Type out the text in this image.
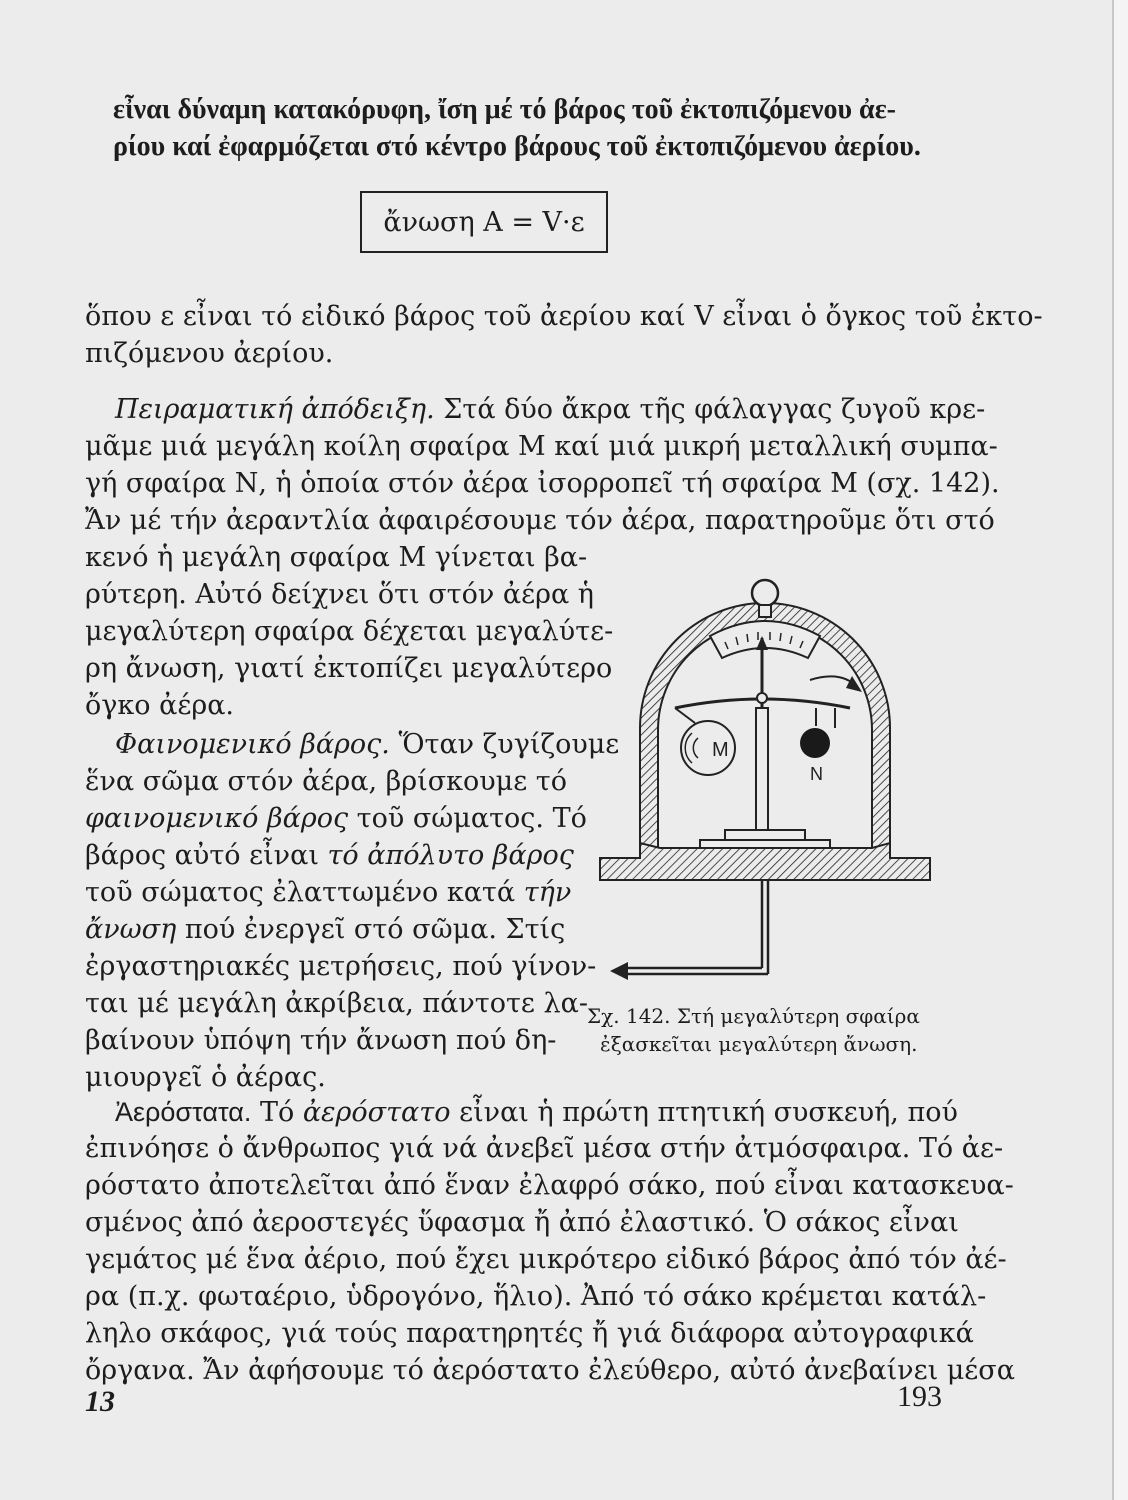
εἶναι δύναμη κατακόρυφη, ἴση μέ τό βάρος τοῦ ἐκτοπιζόμενου ἀε-
ρίου καί ἐφαρμόζεται στό κέντρο βάρους τοῦ ἐκτοπιζόμενου ἀερίου.
ἄνωση Α = V·ε
ὅπου ε εἶναι τό εἰδικό βάρος τοῦ ἀερίου καί V εἶναι ὁ ὄγκος τοῦ ἐκτο-
πιζόμενου ἀερίου.
Πειραματική ἀπόδειξη. Στά δύο ἄκρα τῆς φάλαγγας ζυγοῦ κρε-
μᾶμε μιά μεγάλη κοίλη σφαίρα Μ καί μιά μικρή μεταλλική συμπα-
γή σφαίρα Ν, ἡ ὁποία στόν ἀέρα ἰσορροπεῖ τή σφαίρα Μ (σχ. 142).
Ἄν μέ τήν ἀεραντλία ἀφαιρέσουμε τόν ἀέρα, παρατηροῦμε ὅτι στό
κενό ἡ μεγάλη σφαίρα Μ γίνεται βα-
ρύτερη. Αὐτό δείχνει ὅτι στόν ἀέρα ἡ
μεγαλύτερη σφαίρα δέχεται μεγαλύτε-
ρη ἄνωση, γιατί ἐκτοπίζει μεγαλύτερο
ὄγκο ἀέρα.
Φαινομενικό βάρος. Ὅταν ζυγίζουμε
ἕνα σῶμα στόν ἀέρα, βρίσκουμε τό
φαινομενικό βάρος τοῦ σώματος. Τό
βάρος αὐτό εἶναι τό ἀπόλυτο βάρος
τοῦ σώματος ἐλαττωμένο κατά τήν
ἄνωση πού ἐνεργεῖ στό σῶμα. Στίς
ἐργαστηριακές μετρήσεις, πού γίνον-
ται μέ μεγάλη ἀκρίβεια, πάντοτε λα-
βαίνουν ὑπόψη τήν ἄνωση πού δη-
μιουργεῖ ὁ ἀέρας.
Μ
Ν
Σχ. 142. Στή μεγαλύτερη σφαίρα
ἐξασκεῖται μεγαλύτερη ἄνωση.
Ἀερόστατα. Τό ἀερόστατο εἶναι ἡ πρώτη πτητική συσκευή, πού
ἐπινόησε ὁ ἄνθρωπος γιά νά ἀνεβεῖ μέσα στήν ἀτμόσφαιρα. Τό ἀε-
ρόστατο ἀποτελεῖται ἀπό ἕναν ἐλαφρό σάκο, πού εἶναι κατασκευα-
σμένος ἀπό ἀεροστεγές ὕφασμα ἤ ἀπό ἐλαστικό. Ὁ σάκος εἶναι
γεμάτος μέ ἕνα ἀέριο, πού ἔχει μικρότερο εἰδικό βάρος ἀπό τόν ἀέ-
ρα (π.χ. φωταέριο, ὑδρογόνο, ἥλιο). Ἀπό τό σάκο κρέμεται κατάλ-
ληλο σκάφος, γιά τούς παρατηρητές ἤ γιά διάφορα αὐτογραφικά
ὄργανα. Ἄν ἀφήσουμε τό ἀερόστατο ἐλεύθερο, αὐτό ἀνεβαίνει μέσα
13	193
